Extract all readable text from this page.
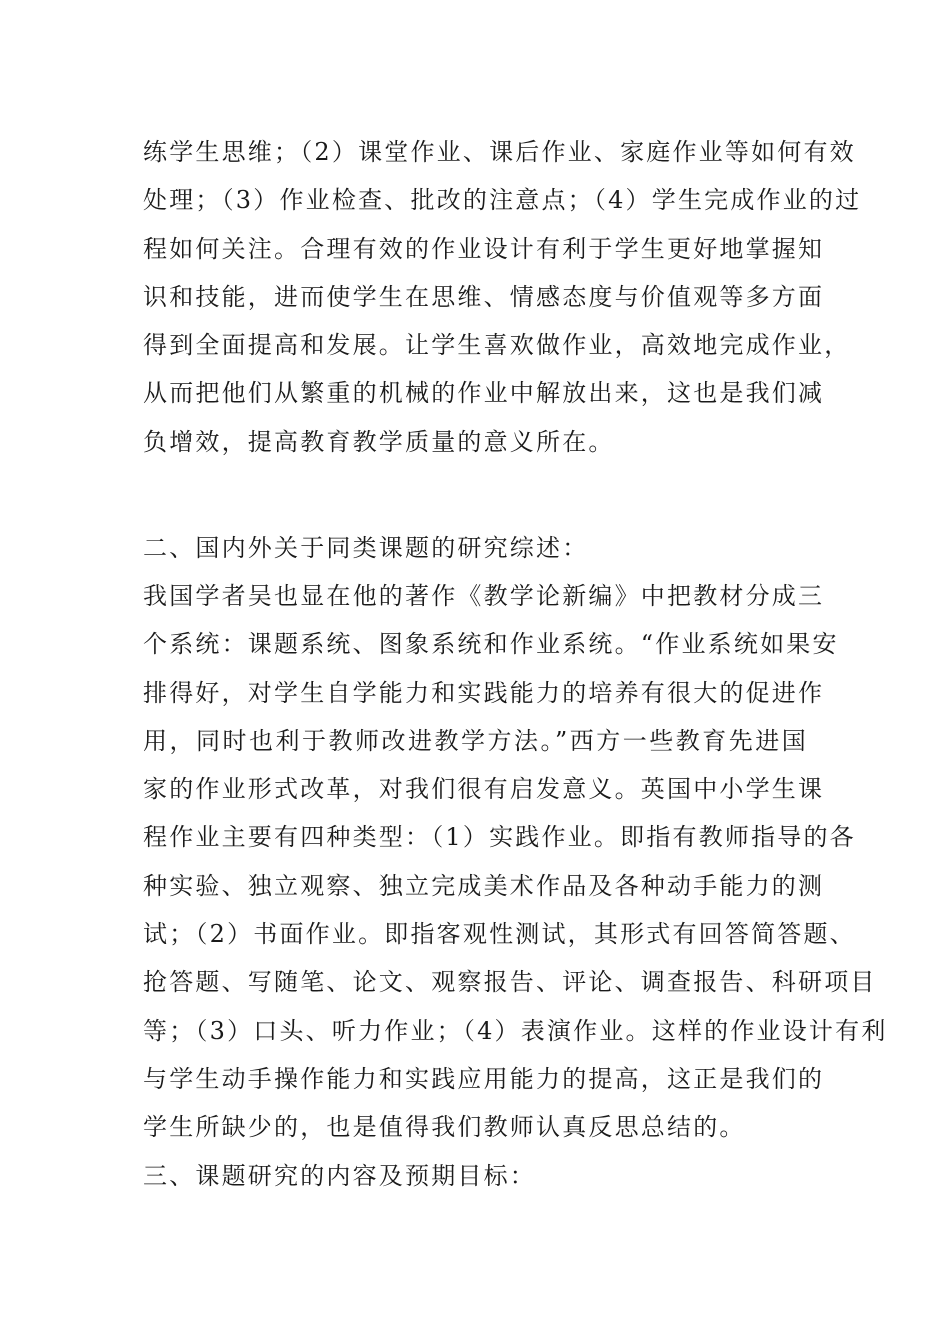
练学生思维；（2）课堂作业、课后作业、家庭作业等如何有效
处理；（3）作业检查、批改的注意点；（4）学生完成作业的过
程如何关注。合理有效的作业设计有利于学生更好地掌握知
识和技能，进而使学生在思维、情感态度与价值观等多方面
得到全面提高和发展。让学生喜欢做作业，高效地完成作业，
从而把他们从繁重的机械的作业中解放出来，这也是我们减
负增效，提高教育教学质量的意义所在。
二、国内外关于同类课题的研究综述：
我国学者吴也显在他的著作《教学论新编》中把教材分成三
个系统：课题系统、图象系统和作业系统。“作业系统如果安
排得好，对学生自学能力和实践能力的培养有很大的促进作
用，同时也利于教师改进教学方法。”西方一些教育先进国
家的作业形式改革，对我们很有启发意义。英国中小学生课
程作业主要有四种类型：（1）实践作业。即指有教师指导的各
种实验、独立观察、独立完成美术作品及各种动手能力的测
试；（2）书面作业。即指客观性测试，其形式有回答简答题、
抢答题、写随笔、论文、观察报告、评论、调查报告、科研项目
等；（3）口头、听力作业；（4）表演作业。这样的作业设计有利
与学生动手操作能力和实践应用能力的提高，这正是我们的
学生所缺少的，也是值得我们教师认真反思总结的。
三、课题研究的内容及预期目标：
